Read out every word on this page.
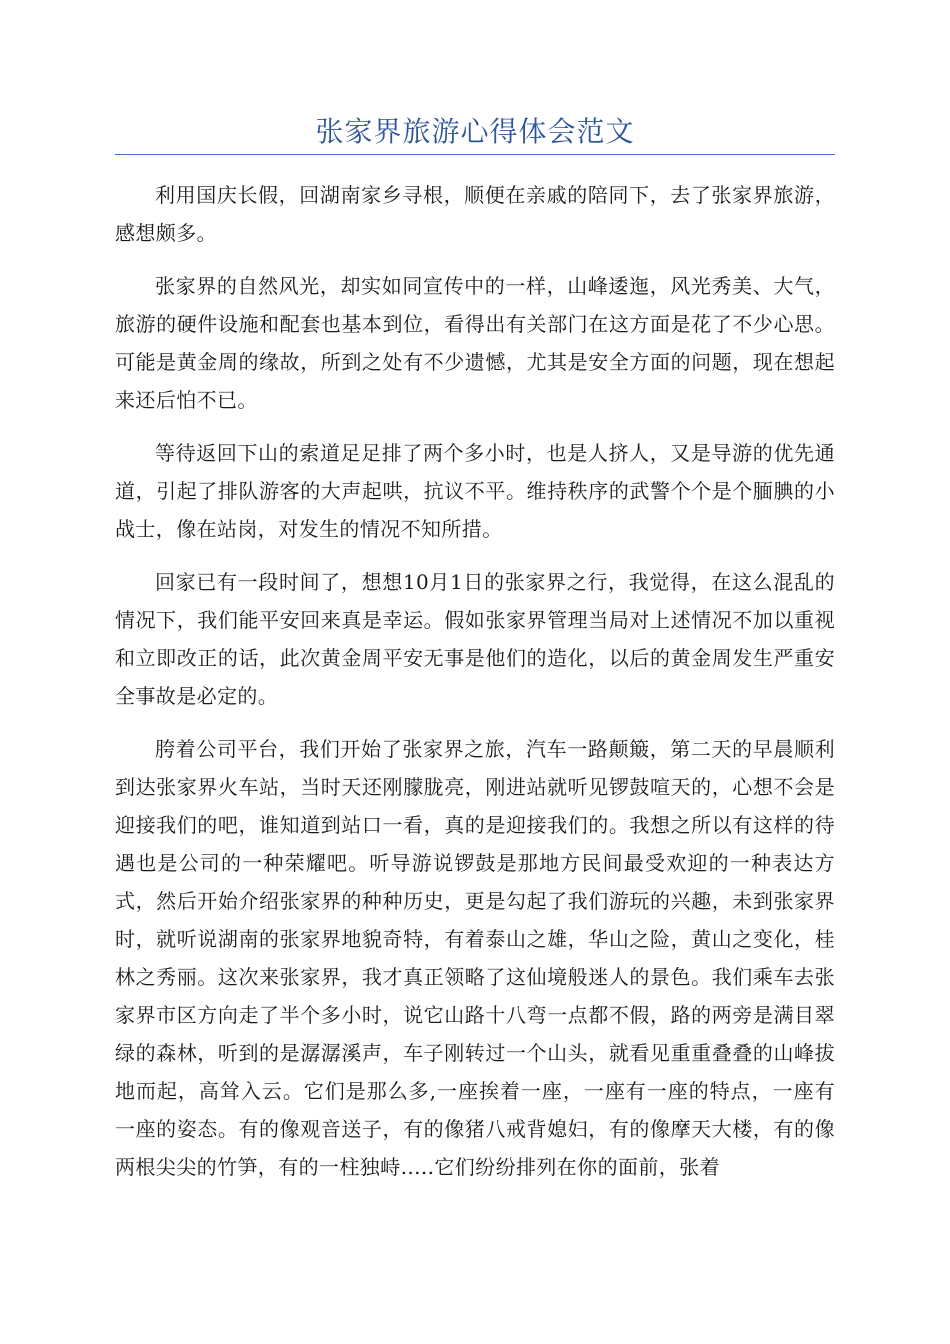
张家界旅游心得体会范文

利用国庆长假，回湖南家乡寻根，顺便在亲戚的陪同下，去了张家界旅游，感想颇多。

张家界的自然风光，却实如同宣传中的一样，山峰逶迤，风光秀美、大气，旅游的硬件设施和配套也基本到位，看得出有关部门在这方面是花了不少心思。可能是黄金周的缘故，所到之处有不少遗憾，尤其是安全方面的问题，现在想起来还后怕不已。

等待返回下山的索道足足排了两个多小时，也是人挤人，又是导游的优先通道，引起了排队游客的大声起哄，抗议不平。维持秩序的武警个个是个腼腆的小战士，像在站岗，对发生的情况不知所措。

回家已有一段时间了，想想10月1日的张家界之行，我觉得，在这么混乱的情况下，我们能平安回来真是幸运。假如张家界管理当局对上述情况不加以重视和立即改正的话，此次黄金周平安无事是他们的造化，以后的黄金周发生严重安全事故是必定的。

胯着公司平台，我们开始了张家界之旅，汽车一路颠簸，第二天的早晨顺利到达张家界火车站，当时天还刚朦胧亮，刚进站就听见锣鼓喧天的，心想不会是迎接我们的吧，谁知道到站口一看，真的是迎接我们的。我想之所以有这样的待遇也是公司的一种荣耀吧。听导游说锣鼓是那地方民间最受欢迎的一种表达方式，然后开始介绍张家界的种种历史，更是勾起了我们游玩的兴趣，未到张家界时，就听说湖南的张家界地貌奇特，有着泰山之雄，华山之险，黄山之变化，桂林之秀丽。这次来张家界，我才真正领略了这仙境般迷人的景色。我们乘车去张家界市区方向走了半个多小时，说它山路十八弯一点都不假，路的两旁是满目翠绿的森林，听到的是潺潺溪声，车子刚转过一个山头，就看见重重叠叠的山峰拔地而起，高耸入云。它们是那么多,一座挨着一座，一座有一座的特点，一座有一座的姿态。有的像观音送子，有的像猪八戒背媳妇，有的像摩天大楼，有的像两根尖尖的竹笋，有的一柱独峙.....它们纷纷排列在你的面前，张着
